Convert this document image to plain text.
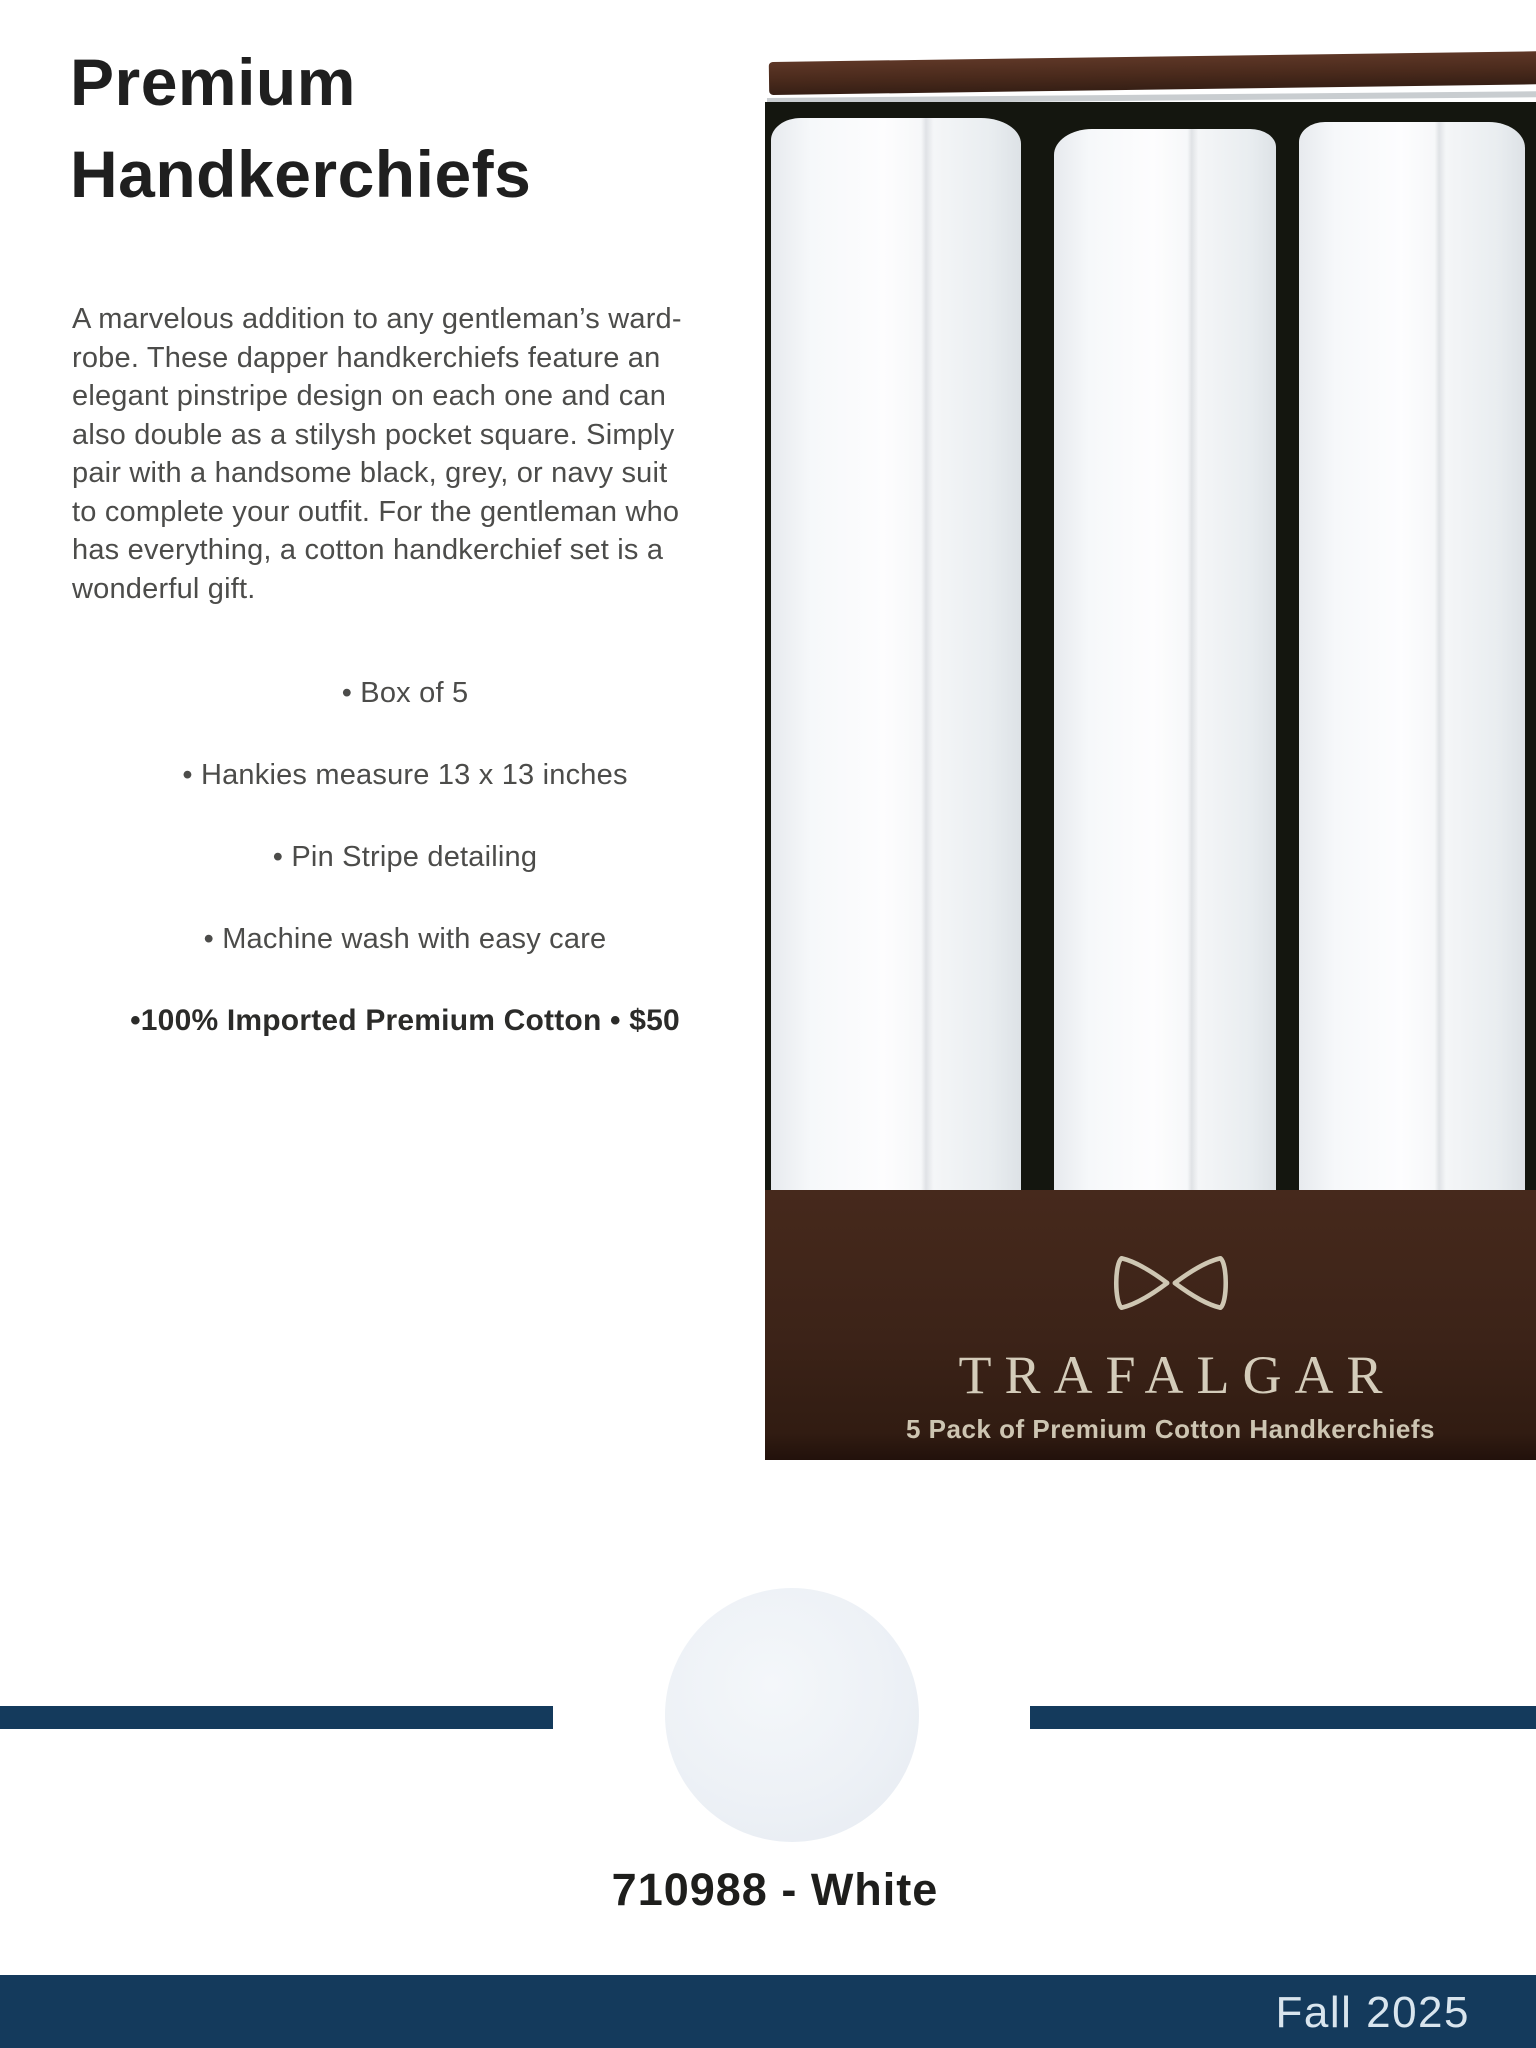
Premium
Handkerchiefs
A marvelous addition to any gentleman’s ward-
robe. These dapper handkerchiefs feature an
elegant pinstripe design on each one and can
also double as a stilysh pocket square. Simply
pair with a handsome black, grey, or navy suit
to complete your outfit. For the gentleman who
has everything, a cotton handkerchief set is a
wonderful gift.
• Box of 5
• Hankies measure 13 x 13 inches
• Pin Stripe detailing
• Machine wash with easy care
•100% Imported Premium Cotton • $50
TRAFALGAR
5 Pack of Premium Cotton Handkerchiefs
710988 - White
Fall 2025
